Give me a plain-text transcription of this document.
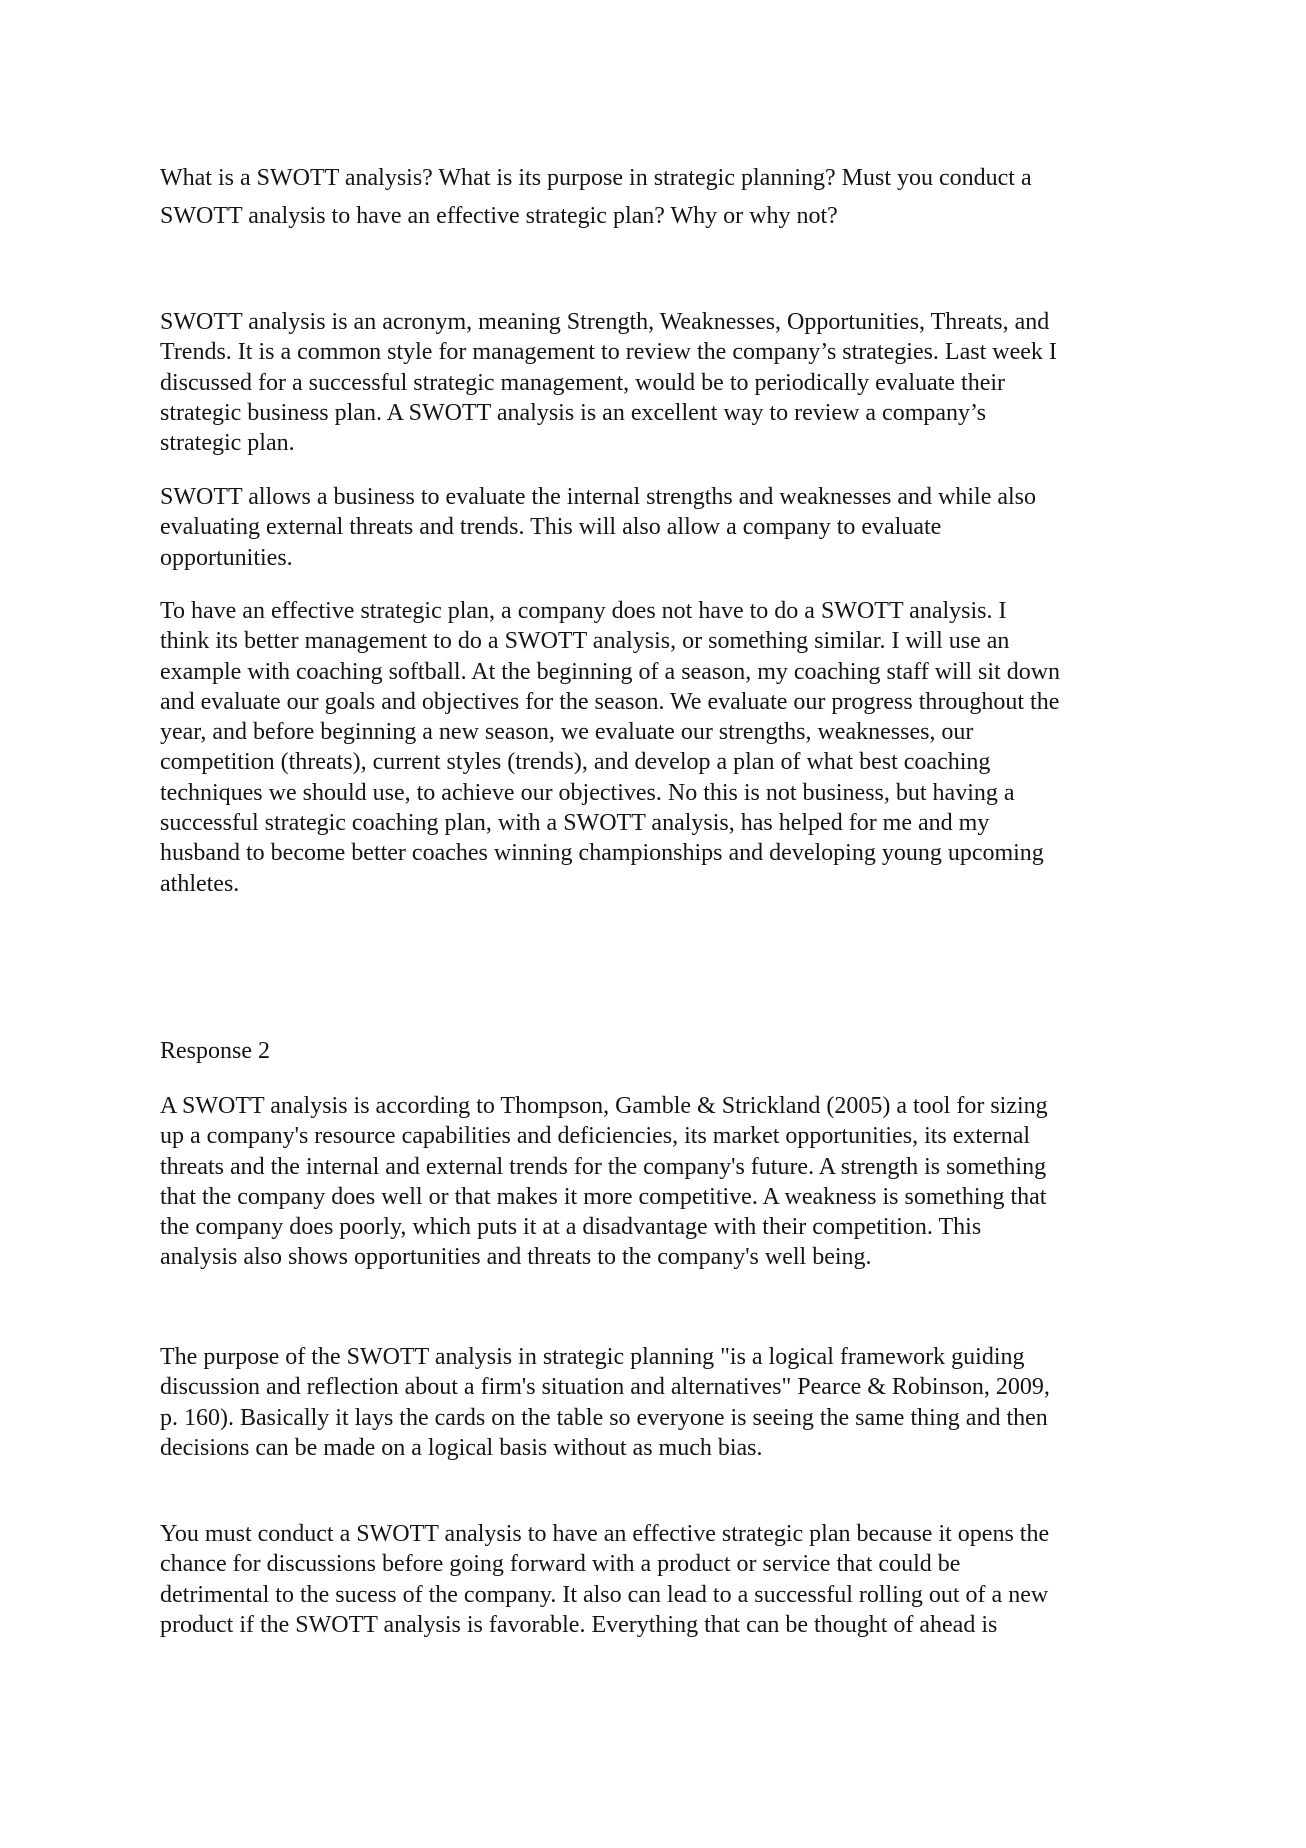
What is a SWOTT analysis? What is its purpose in strategic planning? Must you conduct a
SWOTT analysis to have an effective strategic plan? Why or why not?

SWOTT analysis is an acronym, meaning Strength, Weaknesses, Opportunities, Threats, and
Trends. It is a common style for management to review the company’s strategies. Last week I
discussed for a successful strategic management, would be to periodically evaluate their
strategic business plan. A SWOTT analysis is an excellent way to review a company’s
strategic plan.

SWOTT allows a business to evaluate the internal strengths and weaknesses and while also
evaluating external threats and trends. This will also allow a company to evaluate
opportunities.

To have an effective strategic plan, a company does not have to do a SWOTT analysis. I
think its better management to do a SWOTT analysis, or something similar. I will use an
example with coaching softball. At the beginning of a season, my coaching staff will sit down
and evaluate our goals and objectives for the season. We evaluate our progress throughout the
year, and before beginning a new season, we evaluate our strengths, weaknesses, our
competition (threats), current styles (trends), and develop a plan of what best coaching
techniques we should use, to achieve our objectives. No this is not business, but having a
successful strategic coaching plan, with a SWOTT analysis, has helped for me and my
husband to become better coaches winning championships and developing young upcoming
athletes.

Response 2

A SWOTT analysis is according to Thompson, Gamble & Strickland (2005) a tool for sizing
up a company's resource capabilities and deficiencies, its market opportunities, its external
threats and the internal and external trends for the company's future. A strength is something
that the company does well or that makes it more competitive. A weakness is something that
the company does poorly, which puts it at a disadvantage with their competition. This
analysis also shows opportunities and threats to the company's well being.

The purpose of the SWOTT analysis in strategic planning "is a logical framework guiding
discussion and reflection about a firm's situation and alternatives" Pearce & Robinson, 2009,
p. 160). Basically it lays the cards on the table so everyone is seeing the same thing and then
decisions can be made on a logical basis without as much bias.

You must conduct a SWOTT analysis to have an effective strategic plan because it opens the
chance for discussions before going forward with a product or service that could be
detrimental to the sucess of the company. It also can lead to a successful rolling out of a new
product if the SWOTT analysis is favorable. Everything that can be thought of ahead is
